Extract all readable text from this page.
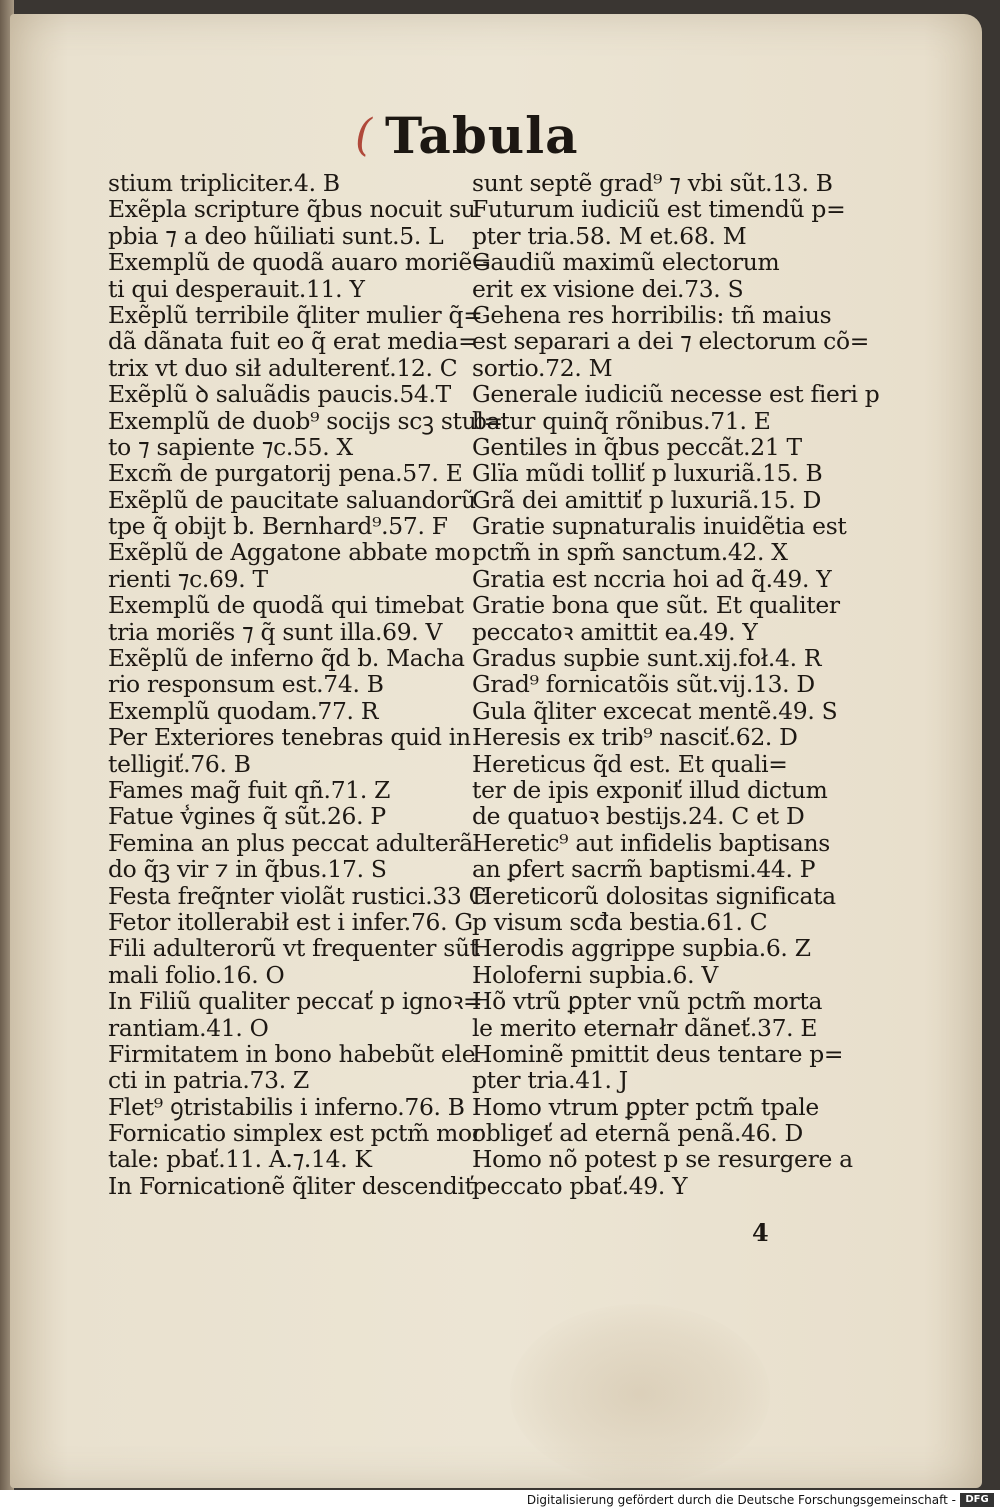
( Tabula
stium tripliciter.4. B
Exẽpla scripture q̃bus nocuit su
pbia ⁊ a deo hũiliati sunt.5. L
Exemplũ de quodã auaro moriẽ=
ti qui desperauit.11. Y
Exẽplũ terribile q̃liter mulier q̃=
dã dãnata fuit eo q̃ erat media=
trix vt duo sił adulterenť.12. C
Exẽplũ ꝺ saluãdis paucis.54.T
Exemplũ de duob⁹ socijs scꝫ stul=
to ⁊ sapiente ⁊c.55. X
Excm̃ de purgatorij pena.57. E
Exẽplũ de paucitate saluandorũ
tpe q̃ obijt b. Bernhard⁹.57. F
Exẽplũ de Aggatone abbate mo
rienti ⁊c.69. T
Exemplũ de quodã qui timebat
tria moriẽs ⁊ q̃ sunt illa.69. V
Exẽplũ de inferno q̃d b. Macha
rio responsum est.74. B
Exemplũ quodam.77. R
Per Exteriores tenebras quid in
telligiť.76. B
Fames mag̃ fuit qñ.71. Z
Fatue v̾gines q̃ sũt.26. P
Femina an plus peccat adulterã
do q̃ꝫ vir ⁊ in q̃bus.17. S
Festa freq̃nter violãt rustici.33 C
Fetor itollerabił est i infer.76. G
Fili adulterorũ vt frequenter sũt
mali folio.16. O
In Filiũ qualiter peccať p ignoꝛ=
rantiam.41. O
Firmitatem in bono habebũt ele
cti in patria.73. Z
Flet⁹ ꝯtristabilis i inferno.76. B
Fornicatio simplex est pctm̃ mor
tale: pbať.11. A.⁊.14. K
In Fornicationẽ q̃liter descendiť
sunt septẽ grad⁹ ⁊ vbi sũt.13. B
Futurum iudiciũ est timendũ p=
pter tria.58. M et.68. M
Gaudiũ maximũ electorum
erit ex visione dei.73. S
Gehena res horribilis: tñ maius
est separari a dei ⁊ electorum cõ=
sortio.72. M
Generale iudiciũ necesse est fieri p
batur quinq̃ rõnibus.71. E
Gentiles in q̃bus peccãt.21 T
Glïa mũdi tolliť p luxuriã.15. B
Grã dei amittiť p luxuriã.15. D
Gratie supnaturalis inuidẽtia est
pctm̃ in spm̃ sanctum.42. X
Gratia est nccria hoi ad q̃.49. Y
Gratie bona que sũt. Et qualiter
peccatoꝛ amittit ea.49. Y
Gradus supbie sunt.xij.foł.4. R
Grad⁹ fornicatõis sũt.vij.13. D
Gula q̃liter excecat mentẽ.49. S
Heresis ex trib⁹ nasciť.62. D
Hereticus q̃d est. Et quali=
ter de ipis exponiť illud dictum
de quatuoꝛ bestijs.24. C et D
Heretic⁹ aut infidelis baptisans
an ꝑfert sacrm̃ baptismi.44. P
Hereticorũ dolositas significata
p visum scđa bestia.61. C
Herodis aggrippe supbia.6. Z
Holoferni supbia.6. V
Hõ vtrũ ꝑpter vnũ pctm̃ morta
le merito eternałr dãneť.37. E
Hominẽ pmittit deus tentare p=
pter tria.41. J
Homo vtrum ꝑpter pctm̃ tpale
obligeť ad eternã penã.46. D
Homo nõ potest p se resurgere a
peccato pbať.49. Y
4
Digitalisierung gefördert durch die Deutsche Forschungsgemeinschaft - DFG
